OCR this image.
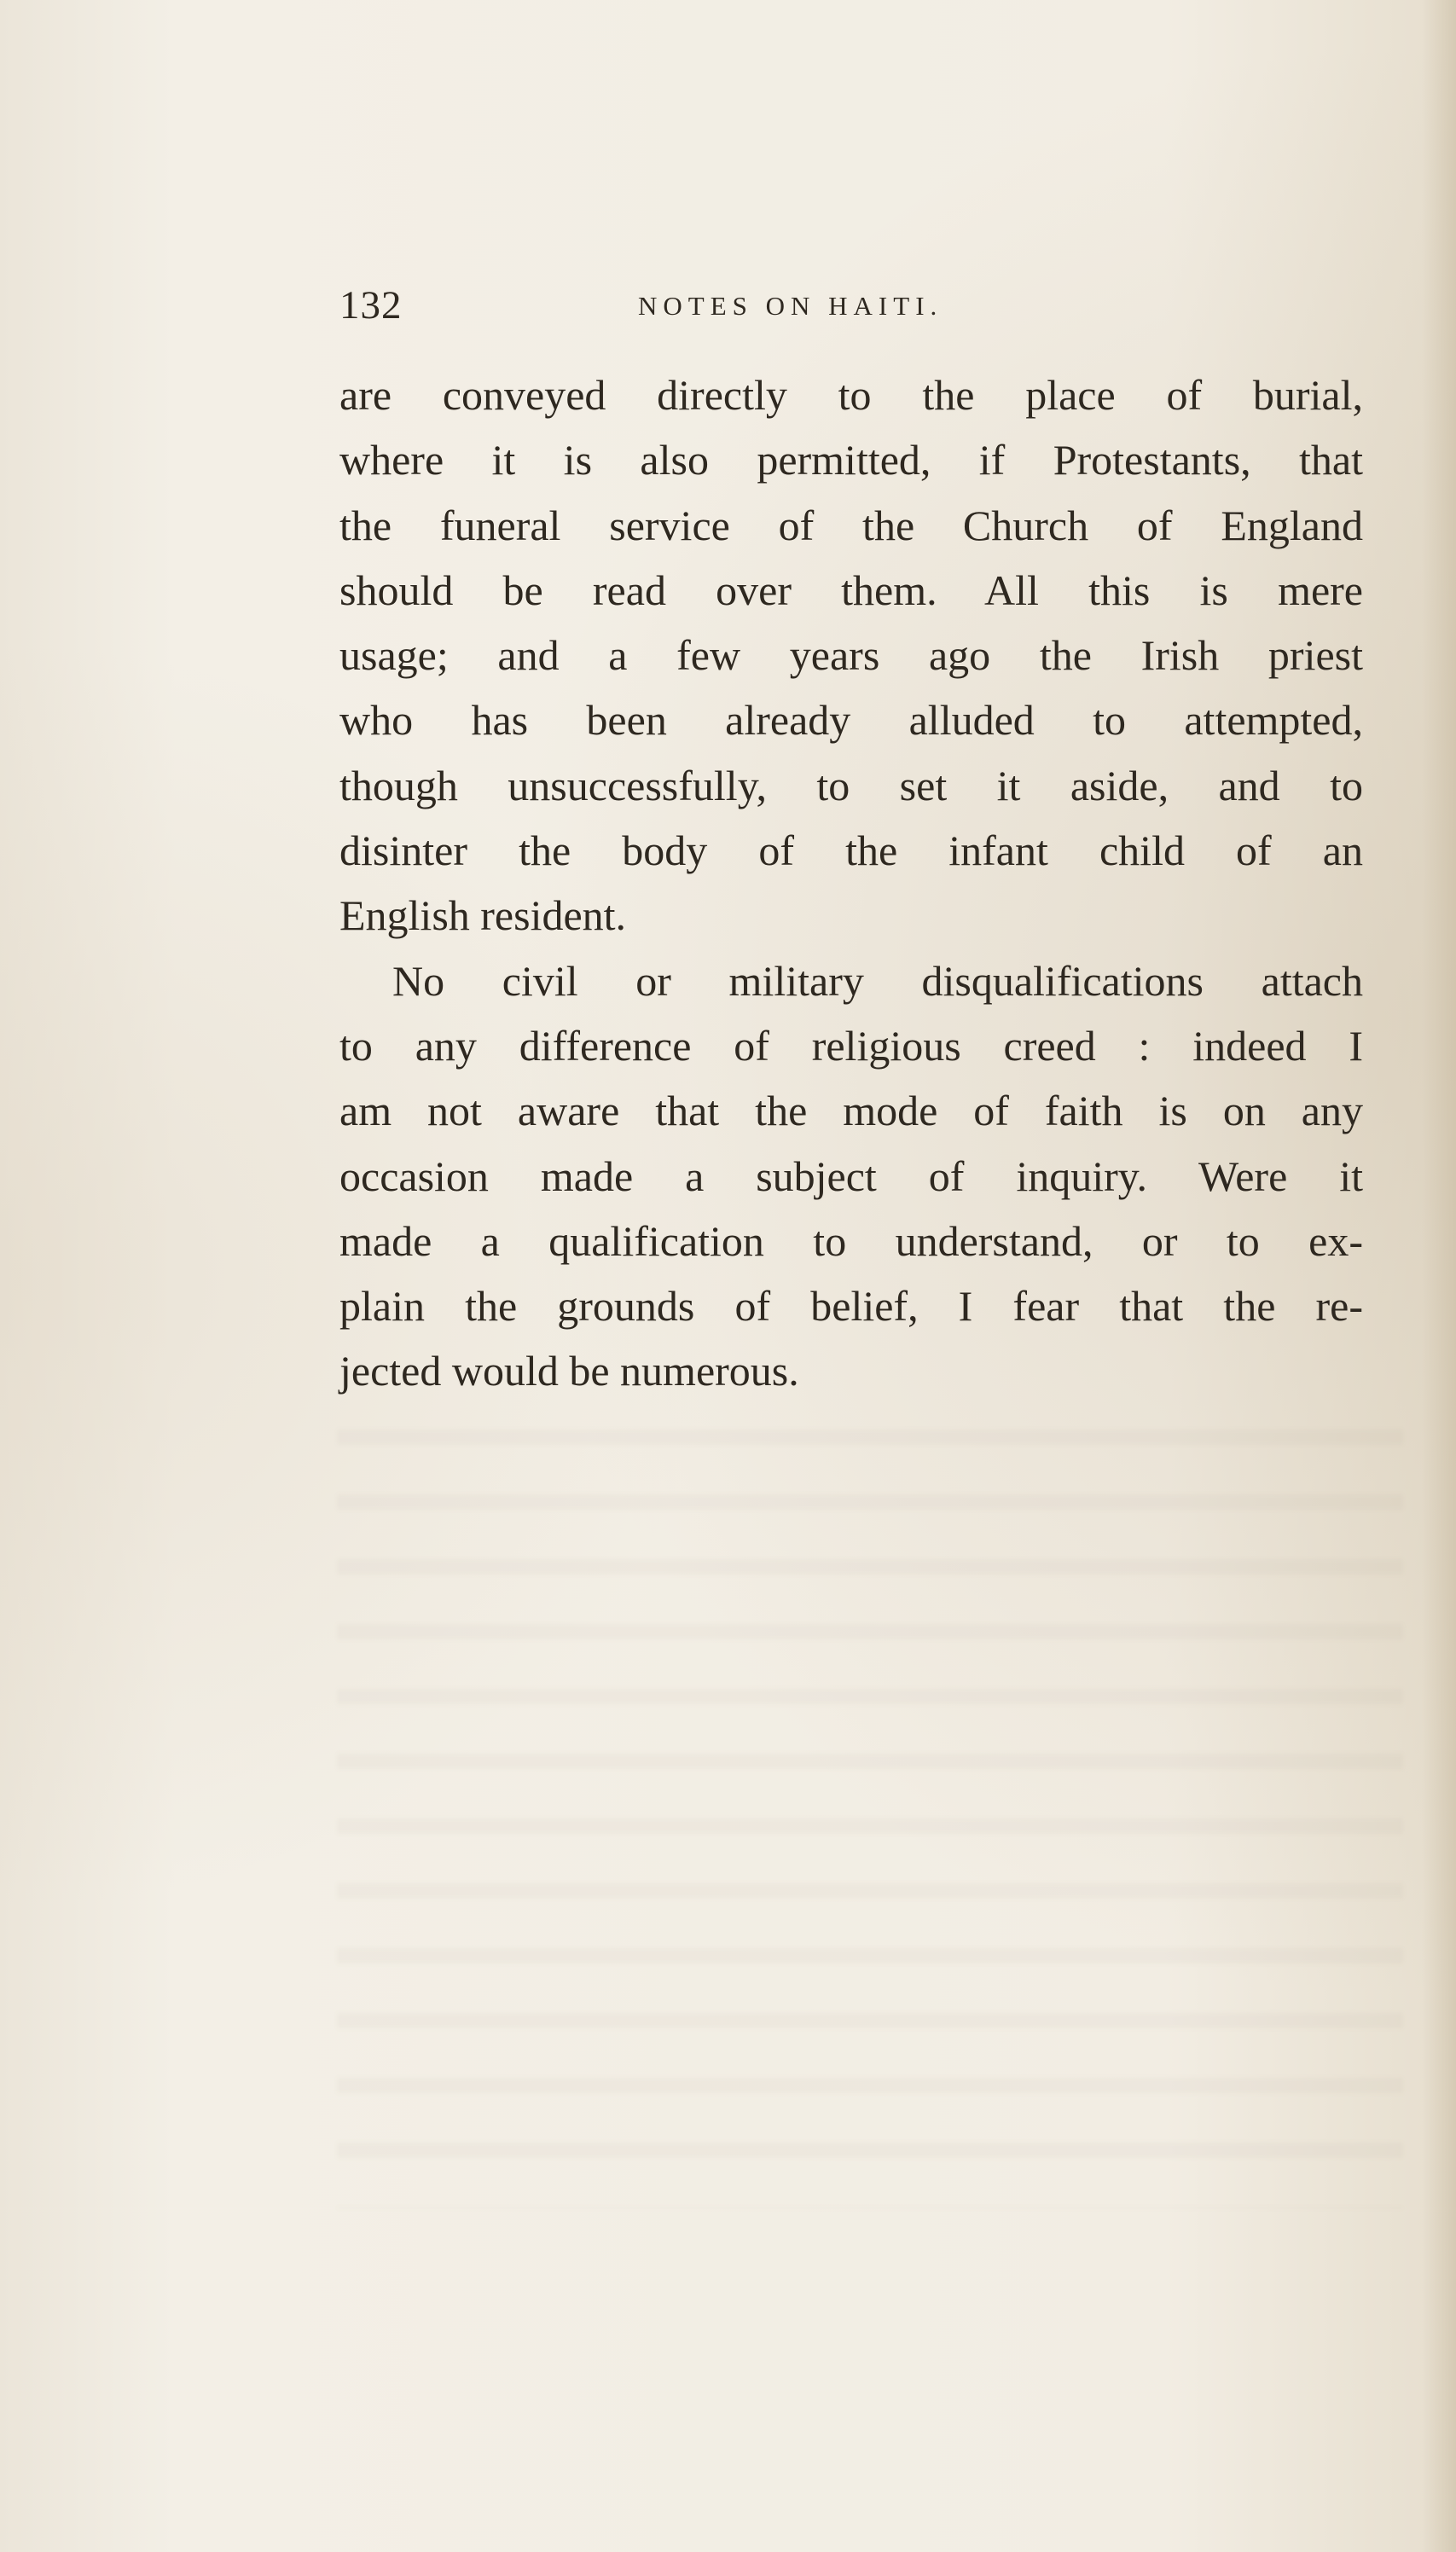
132	NOTES ON HAITI.
are conveyed directly to the place of burial,
where it is also permitted, if Protestants, that
the funeral service of the Church of England
should be read over them. All this is mere
usage; and a few years ago the Irish priest
who has been already alluded to attempted,
though unsuccessfully, to set it aside, and to
disinter the body of the infant child of an
English resident.
No civil or military disqualifications attach
to any difference of religious creed : indeed I
am not aware that the mode of faith is on any
occasion made a subject of inquiry. Were it
made a qualification to understand, or to ex-
plain the grounds of belief, I fear that the re-
jected would be numerous.
